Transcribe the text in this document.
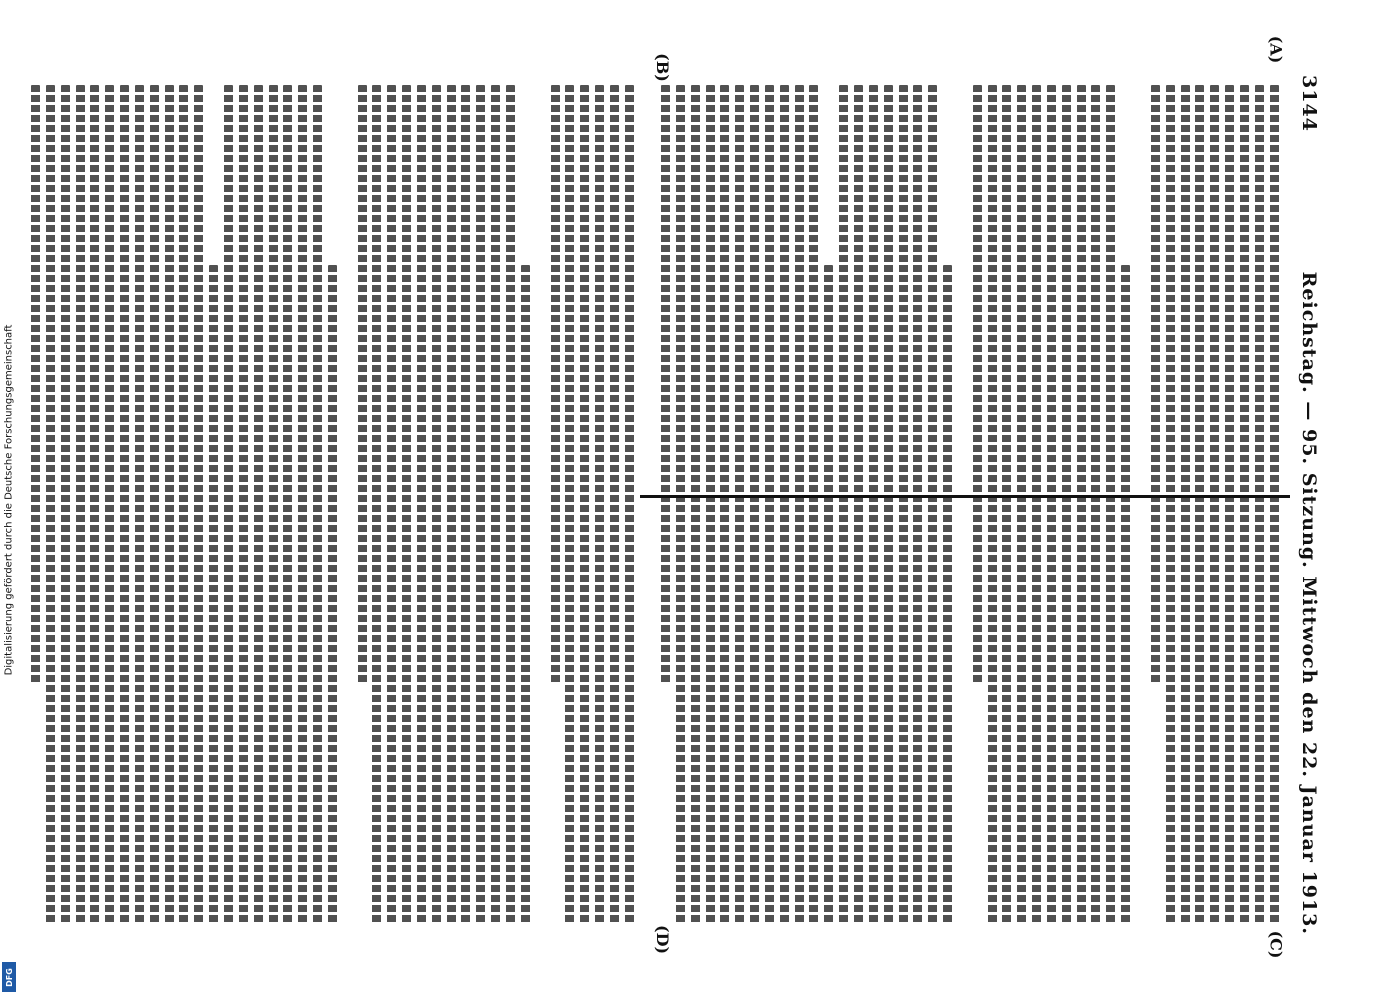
3144
Reichstag. — 95. Sitzung. Mittwoch den 22. Januar 1913.
(A)
(B)
(C)
(D)
Digitalisierung gefördert durch die Deutsche Forschungsgemeinschaft
DFG
